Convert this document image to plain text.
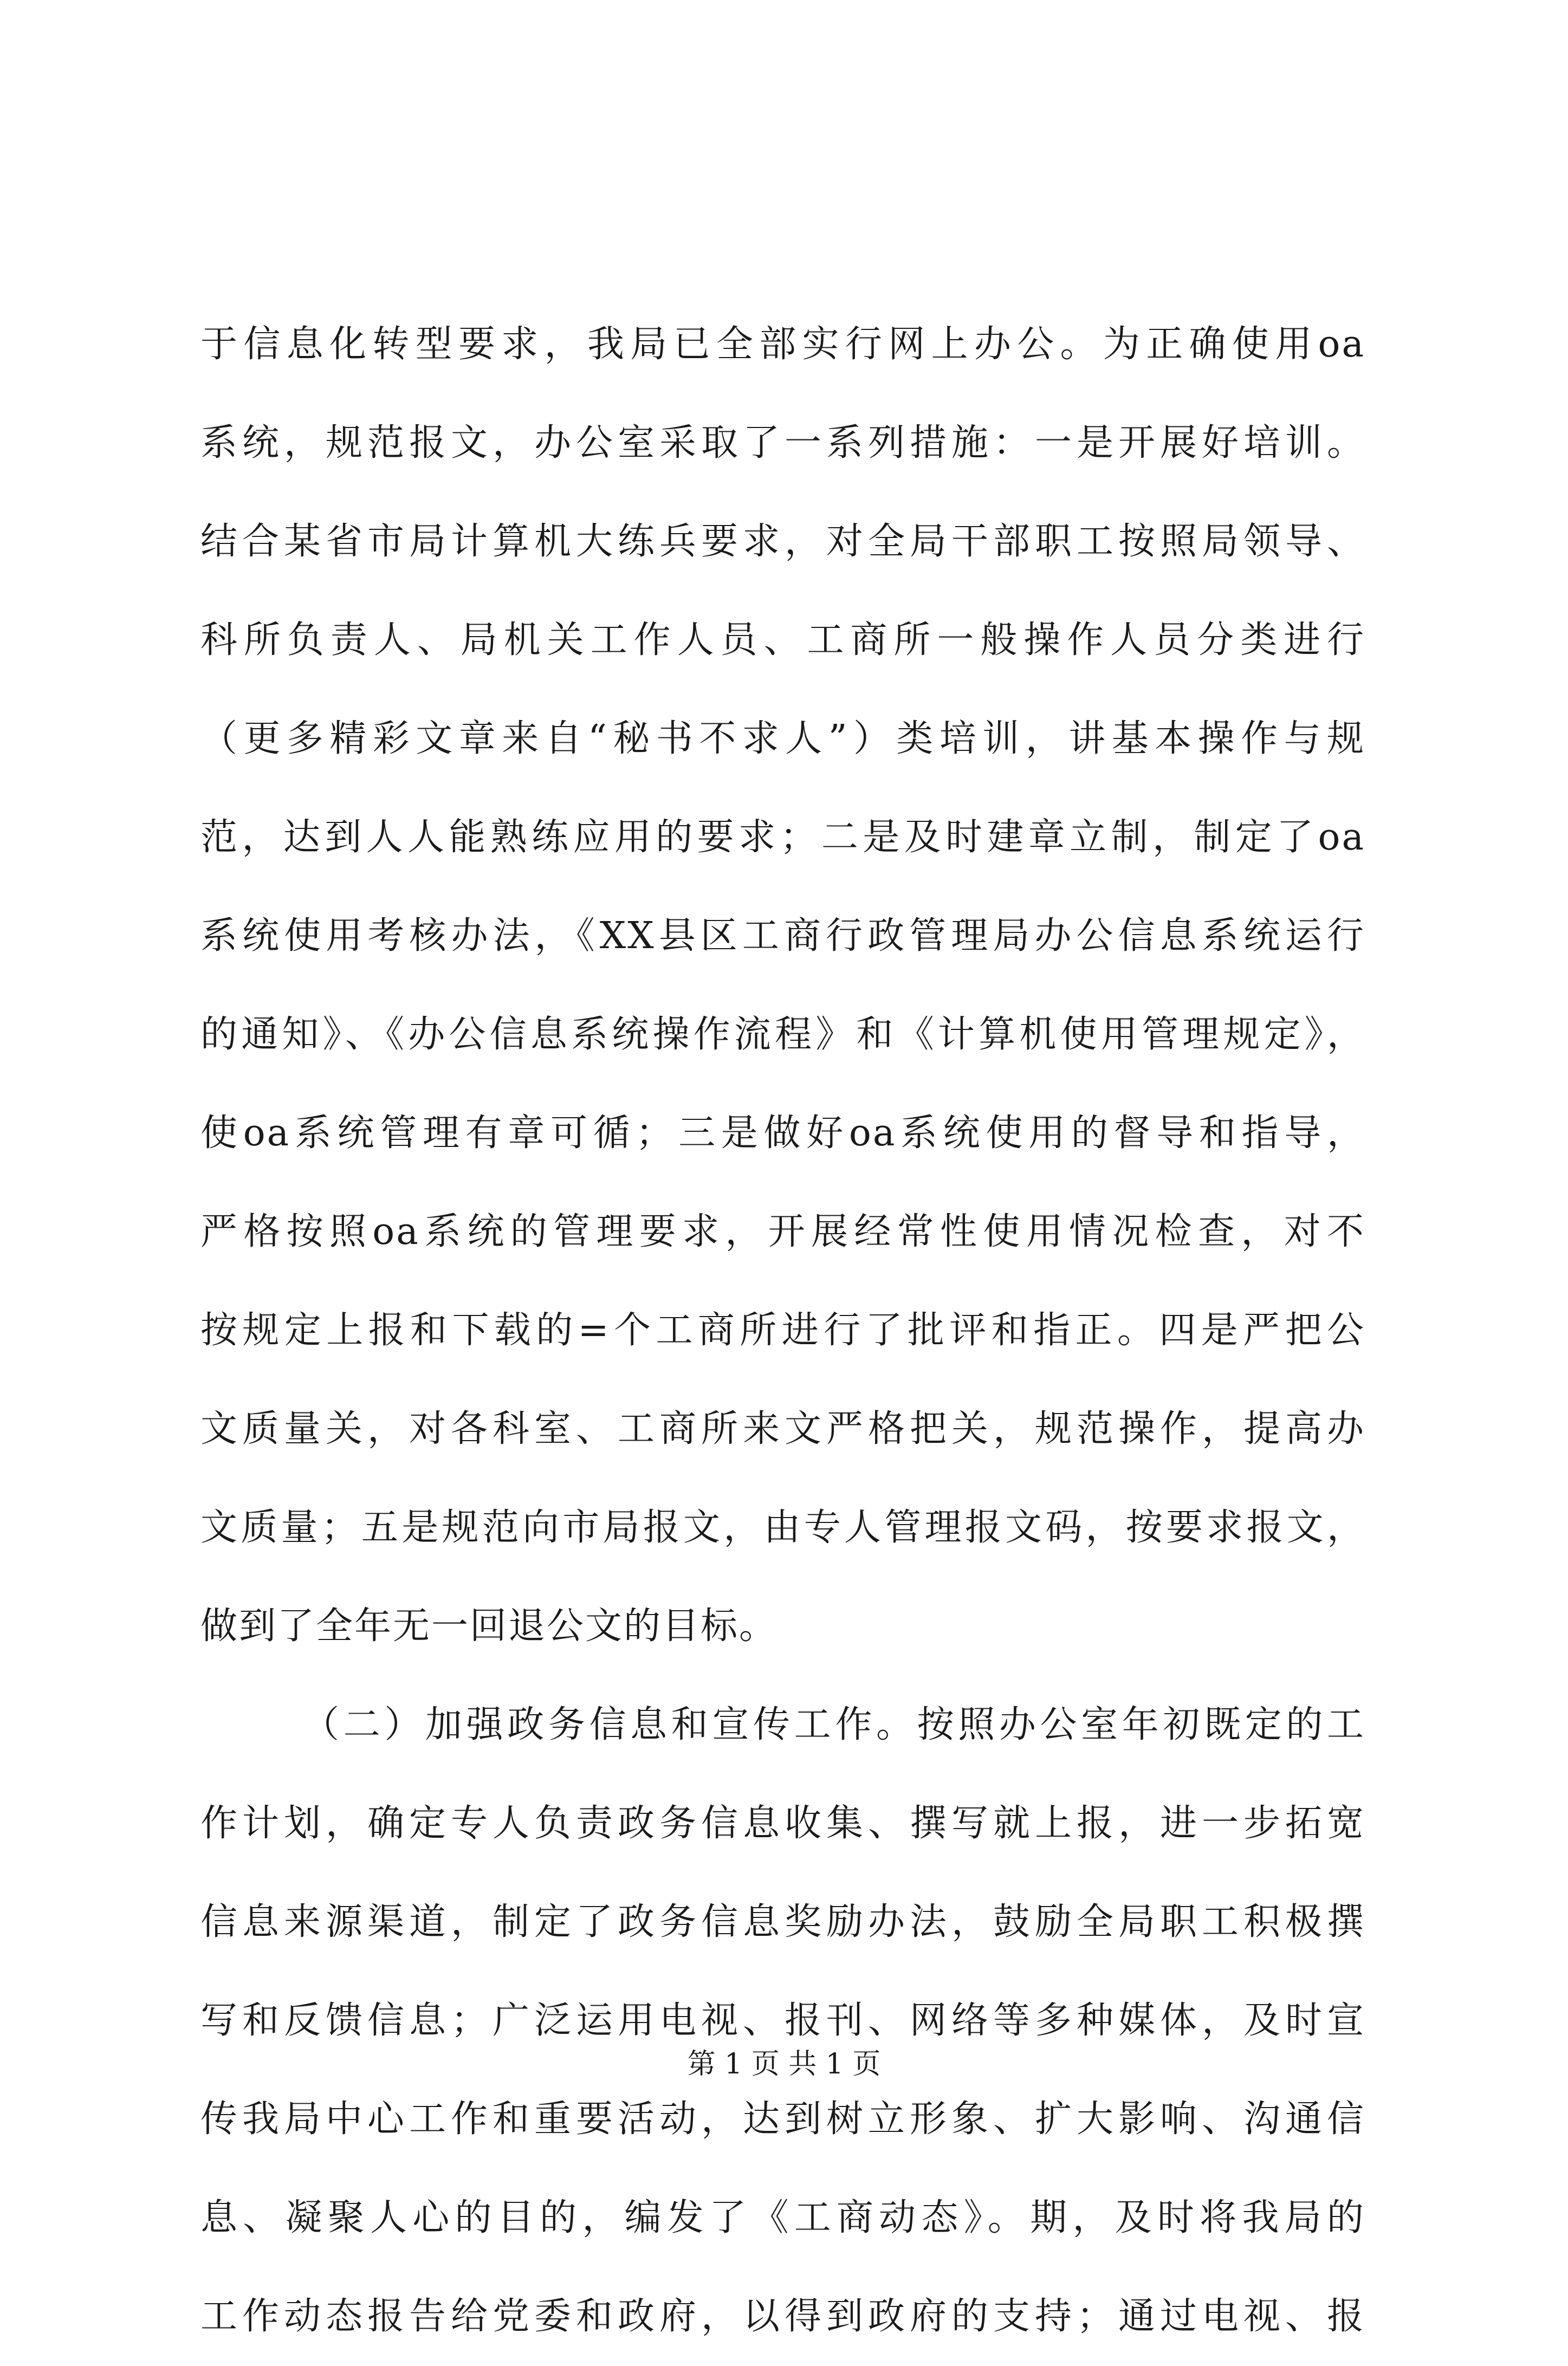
于信息化转型要求，我局已全部实行网上办公。为正确使用oa
系统，规范报文，办公室采取了一系列措施：一是开展好培训。
结合某省市局计算机大练兵要求，对全局干部职工按照局领导、
科所负责人、局机关工作人员、工商所一般操作人员分类进行
（更多精彩文章来自“秘书不求人”）类培训，讲基本操作与规
范，达到人人能熟练应用的要求；二是及时建章立制，制定了oa
系统使用考核办法，《XX县区工商行政管理局办公信息系统运行
的通知》、《办公信息系统操作流程》和《计算机使用管理规定》，
使oa系统管理有章可循；三是做好oa系统使用的督导和指导，
严格按照oa系统的管理要求，开展经常性使用情况检查，对不
按规定上报和下载的=个工商所进行了批评和指正。四是严把公
文质量关，对各科室、工商所来文严格把关，规范操作，提高办
文质量；五是规范向市局报文，由专人管理报文码，按要求报文，
做到了全年无一回退公文的目标。
（二）加强政务信息和宣传工作。按照办公室年初既定的工
作计划，确定专人负责政务信息收集、撰写就上报，进一步拓宽
信息来源渠道，制定了政务信息奖励办法，鼓励全局职工积极撰
写和反馈信息；广泛运用电视、报刊、网络等多种媒体，及时宣
传我局中心工作和重要活动，达到树立形象、扩大影响、沟通信
息、凝聚人心的目的，编发了《工商动态》。期，及时将我局的
工作动态报告给党委和政府，以得到政府的支持；通过电视、报
第 1 页 共 1 页
